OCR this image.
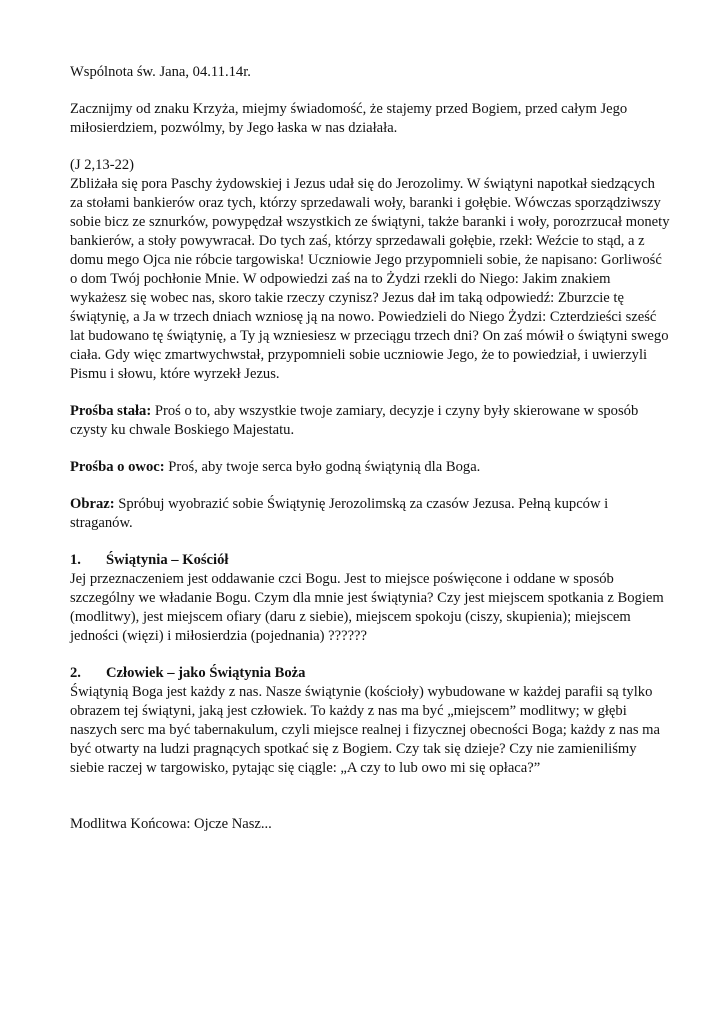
Wspólnota św. Jana, 04.11.14r.

Zacznijmy od znaku Krzyża, miejmy świadomość, że stajemy przed Bogiem, przed całym Jego miłosierdziem, pozwólmy, by Jego łaska w nas działała.

(J 2,13-22)

Zbliżała się pora Paschy żydowskiej i Jezus udał się do Jerozolimy. W świątyni napotkał siedzących za stołami bankierów oraz tych, którzy sprzedawali woły, baranki i gołębie. Wówczas sporządziwszy sobie bicz ze sznurków, powypędzał wszystkich ze świątyni, także baranki i woły, porozrzucał monety bankierów, a stoły powywracał. Do tych zaś, którzy sprzedawali gołębie, rzekł: Weźcie to stąd, a z domu mego Ojca nie róbcie targowiska! Uczniowie Jego przypomnieli sobie, że napisano: Gorliwość o dom Twój pochłonie Mnie. W odpowiedzi zaś na to Żydzi rzekli do Niego: Jakim znakiem wykażesz się wobec nas, skoro takie rzeczy czynisz? Jezus dał im taką odpowiedź: Zburzcie tę świątynię, a Ja w trzech dniach wzniosę ją na nowo. Powiedzieli do Niego Żydzi: Czterdzieści sześć lat budowano tę świątynię, a Ty ją wzniesiesz w przeciągu trzech dni? On zaś mówił o świątyni swego ciała. Gdy więc zmartwychwstał, przypomnieli sobie uczniowie Jego, że to powiedział, i uwierzyli Pismu i słowu, które wyrzekł Jezus.

Prośba stała: Proś o to, aby wszystkie twoje zamiary, decyzje i czyny były skierowane w sposób czysty ku chwale Boskiego Majestatu.

Prośba o owoc: Proś, aby twoje serca było godną świątynią dla Boga.

Obraz: Spróbuj wyobrazić sobie Świątynię Jerozolimską za czasów Jezusa. Pełną kupców i straganów.

1.	Świątynia – Kościół

Jej przeznaczeniem jest oddawanie czci Bogu. Jest to miejsce poświęcone i oddane w sposób szczególny we władanie Bogu. Czym dla mnie jest świątynia? Czy jest miejscem spotkania z Bogiem (modlitwy), jest miejscem ofiary (daru z siebie), miejscem spokoju (ciszy, skupienia); miejscem jedności (więzi) i miłosierdzia (pojednania) ??????

2.	Człowiek – jako Świątynia Boża

Świątynią Boga jest każdy z nas. Nasze świątynie (kościoły) wybudowane w każdej parafii są tylko obrazem tej świątyni, jaką jest człowiek. To każdy z nas ma być „miejscem” modlitwy; w głębi naszych serc ma być tabernakulum, czyli miejsce realnej i fizycznej obecności Boga; każdy z nas ma być otwarty na ludzi pragnących spotkać się z Bogiem. Czy tak się dzieje? Czy nie zamieniliśmy siebie raczej w targowisko, pytając się ciągle: „A czy to lub owo mi się opłaca?”

Modlitwa Końcowa: Ojcze Nasz...
